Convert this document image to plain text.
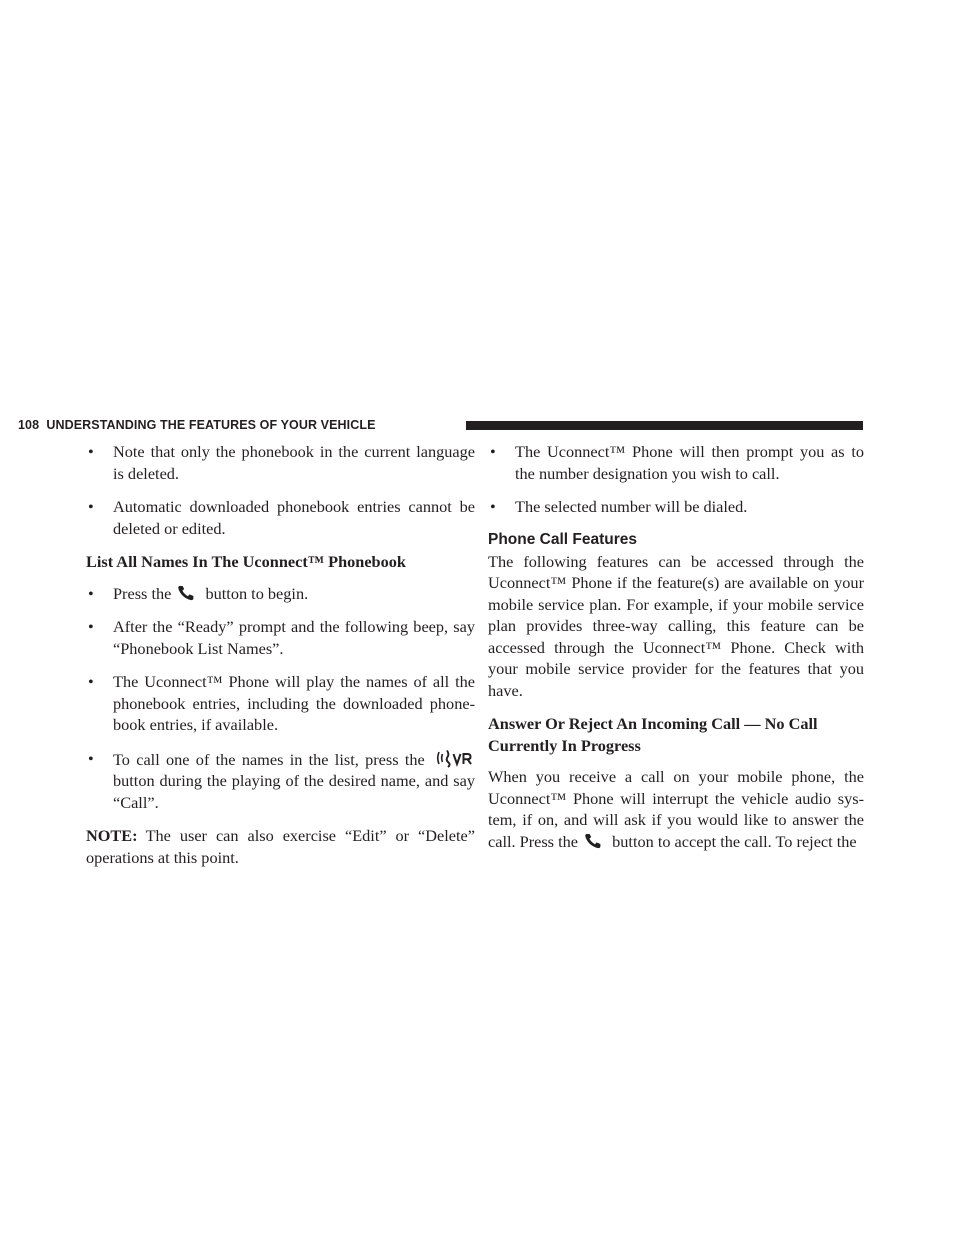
108 UNDERSTANDING THE FEATURES OF YOUR VEHICLE
• Note that only the phonebook in the current language is deleted.
• Automatic downloaded phonebook entries cannot be deleted or edited.
List All Names In The Uconnect™ Phonebook
• Press the button to begin.
• After the “Ready” prompt and the following beep, say “Phonebook List Names”.
• The Uconnect™ Phone will play the names of all the phonebook entries, including the downloaded phone-book entries, if available.
• To call one of the names in the list, press the  button during the playing of the desired name, and say “Call”.
NOTE: The user can also exercise “Edit” or “Delete” operations at this point.
• The Uconnect™ Phone will then prompt you as to the number designation you wish to call.
• The selected number will be dialed.
Phone Call Features
The following features can be accessed through the Uconnect™ Phone if the feature(s) are available on your mobile service plan. For example, if your mobile service plan provides three-way calling, this feature can be accessed through the Uconnect™ Phone. Check with your mobile service provider for the features that you have.
Answer Or Reject An Incoming Call — No Call Currently In Progress
When you receive a call on your mobile phone, the Uconnect™ Phone will interrupt the vehicle audio sys-tem, if on, and will ask if you would like to answer the call. Press the button to accept the call. To reject the
